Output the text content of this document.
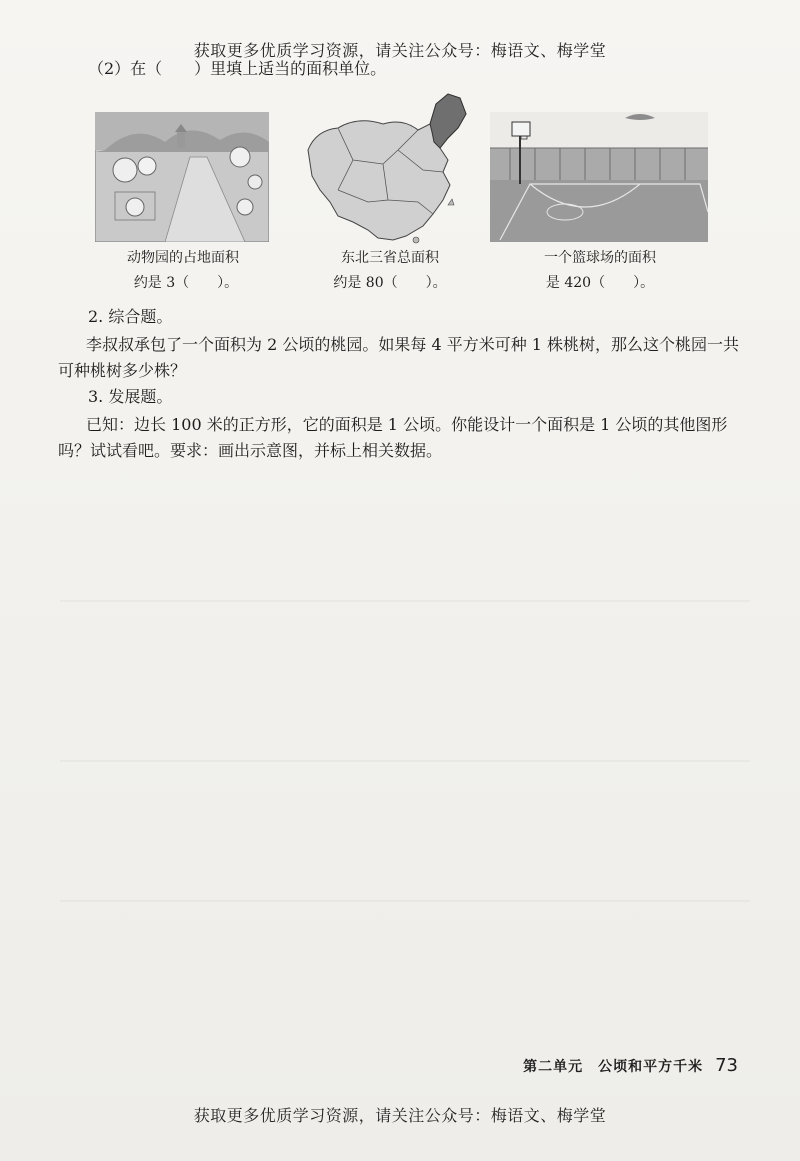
获取更多优质学习资源，请关注公众号：梅语文、梅学堂
（2）在（　　）里填上适当的面积单位。
动物园的占地面积
约是 3（　　）。
东北三省总面积
约是 80（　　）。
一个篮球场的面积
是 420（　　）。
2. 综合题。
李叔叔承包了一个面积为 2 公顷的桃园。如果每 4 平方米可种 1 株桃树，那么这个桃园一共可种桃树多少株？
3. 发展题。
已知：边长 100 米的正方形，它的面积是 1 公顷。你能设计一个面积是 1 公顷的其他图形吗？试试看吧。要求：画出示意图，并标上相关数据。
第二单元　公顷和平方千米 73
获取更多优质学习资源，请关注公众号：梅语文、梅学堂
